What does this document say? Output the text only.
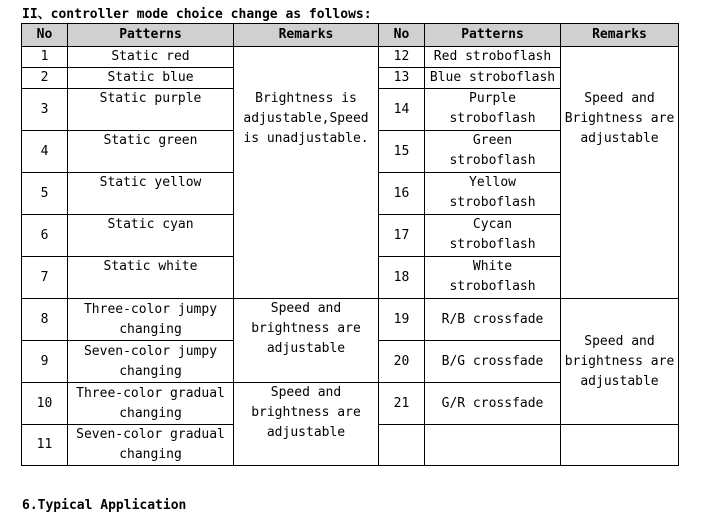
II、controller mode choice change as follows:
No	Patterns	Remarks	No	Patterns	Remarks
1	Static red	Brightness is adjustable,Speed is unadjustable.	12	Red stroboflash	Speed and Brightness are adjustable
2	Static blue		13	Blue stroboflash	
3	Static purple		14	Purple stroboflash	
4	Static green		15	Green stroboflash	
5	Static yellow		16	Yellow stroboflash	
6	Static cyan		17	Cycan stroboflash	
7	Static white		18	White stroboflash	
8	Three-color jumpy changing	Speed and brightness are adjustable	19	R/B crossfade	Speed and brightness are adjustable
9	Seven-color jumpy changing		20	B/G crossfade	
10	Three-color gradual changing	Speed and brightness are adjustable	21	G/R crossfade	
11	Seven-color gradual changing				
6.Typical Application
